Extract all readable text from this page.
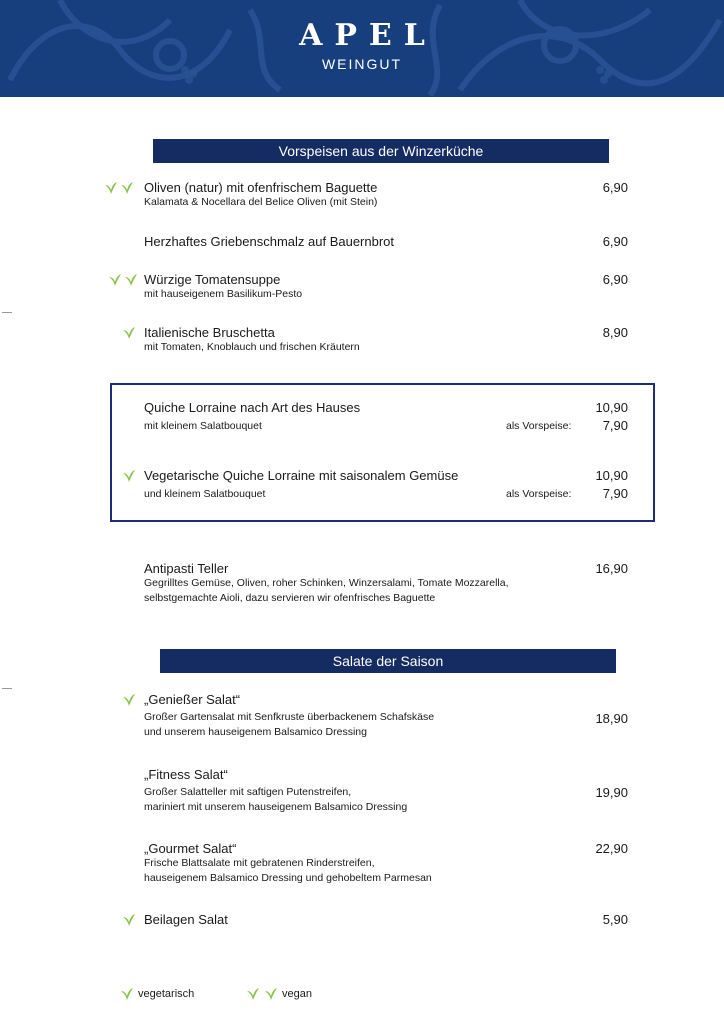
APEL
WEINGUT
Vorspeisen aus der Winzerküche
Oliven (natur) mit ofenfrischem Baguette
Kalamata & Nocellara del Belice Oliven (mit Stein)
6,90
Herzhaftes Griebenschmalz auf Bauernbrot	6,90
Würzige Tomatensuppe
mit hauseigenem Basilikum-Pesto
6,90
Italienische Bruschetta
mit Tomaten, Knoblauch und frischen Kräutern
8,90
Quiche Lorraine nach Art des Hauses
mit kleinem Salatbouquet
10,90
als Vorspeise:	7,90
Vegetarische Quiche Lorraine mit saisonalem Gemüse
und kleinem Salatbouquet
10,90
als Vorspeise:	7,90
Antipasti Teller
Gegrilltes Gemüse, Oliven, roher Schinken, Winzersalami, Tomate Mozzarella,
selbstgemachte Aioli, dazu servieren wir ofenfrisches Baguette
16,90
Salate der Saison
„Genießer Salat“
Großer Gartensalat mit Senfkruste überbackenem Schafskäse
und unserem hauseigenem Balsamico Dressing
18,90
„Fitness Salat“
Großer Salatteller mit saftigen Putenstreifen,
mariniert mit unserem hauseigenem Balsamico Dressing
19,90
„Gourmet Salat“
Frische Blattsalate mit gebratenen Rinderstreifen,
hauseigenem Balsamico Dressing und gehobeltem Parmesan
22,90
Beilagen Salat	5,90
vegetarisch	vegan
